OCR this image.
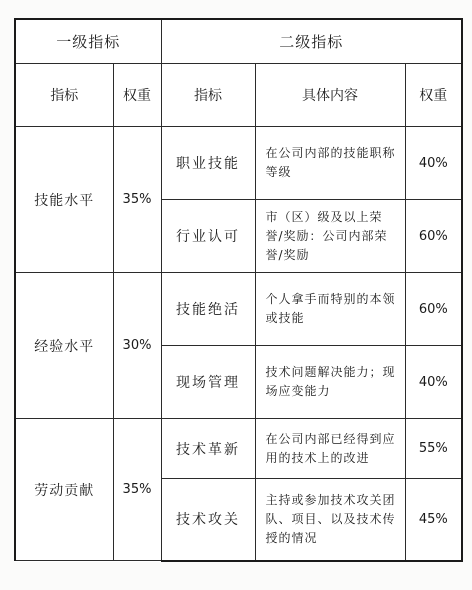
一级指标		二级指标		
指标	权重	指标	具体内容	权重
技能水平	35%	职业技能	在公司内部的技能职称等级	40%
		行业认可	市（区）级及以上荣誉/奖励：公司内部荣誉/奖励	60%
经验水平	30%	技能绝活	个人拿手而特别的本领或技能	60%
		现场管理	技术问题解决能力；现场应变能力	40%
劳动贡献	35%	技术革新	在公司内部已经得到应用的技术上的改进	55%
		技术攻关	主持或参加技术攻关团队、项目、以及技术传授的情况	45%
